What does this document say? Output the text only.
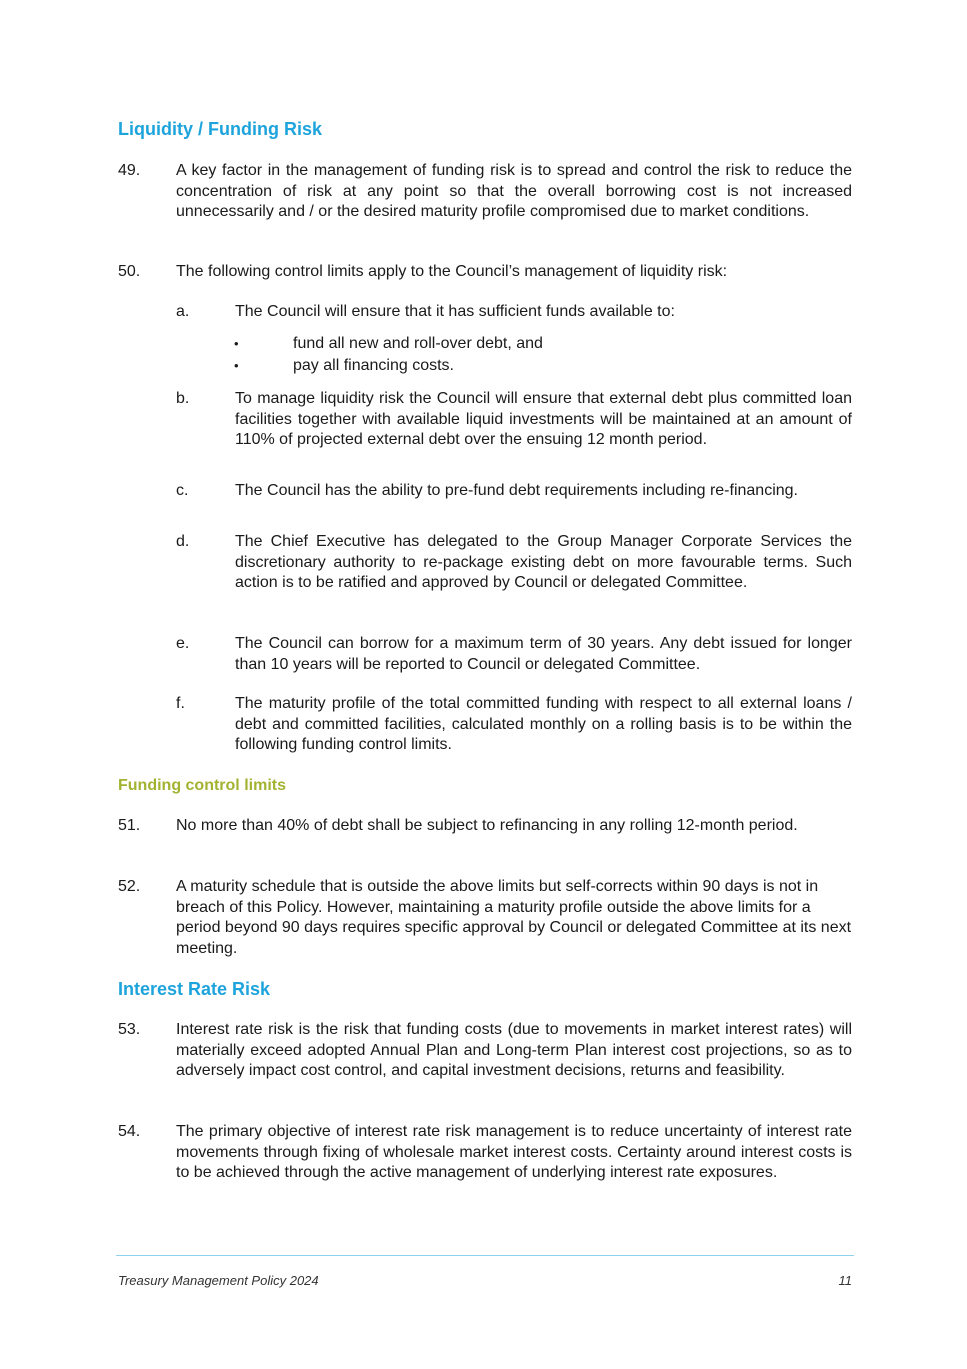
Liquidity / Funding Risk
49.	A key factor in the management of funding risk is to spread and control the risk to reduce the concentration of risk at any point so that the overall borrowing cost is not increased unnecessarily and / or the desired maturity profile compromised due to market conditions.
50.	The following control limits apply to the Council’s management of liquidity risk:
a.	The Council will ensure that it has sufficient funds available to:
•	fund all new and roll-over debt, and
•	pay all financing costs.
b.	To manage liquidity risk the Council will ensure that external debt plus committed loan facilities together with available liquid investments will be maintained at an amount of 110% of projected external debt over the ensuing 12 month period.
c.	The Council has the ability to pre-fund debt requirements including re-financing.
d.	The Chief Executive has delegated to the Group Manager Corporate Services the discretionary authority to re-package existing debt on more favourable terms. Such action is to be ratified and approved by Council or delegated Committee.
e.	The Council can borrow for a maximum term of 30 years. Any debt issued for longer than 10 years will be reported to Council or delegated Committee.
f.	The maturity profile of the total committed funding with respect to all external loans / debt and committed facilities, calculated monthly on a rolling basis is to be within the following funding control limits.
Funding control limits
51.	No more than 40% of debt shall be subject to refinancing in any rolling 12-month period.
52.	A maturity schedule that is outside the above limits but self-corrects within 90 days is not in breach of this Policy. However, maintaining a maturity profile outside the above limits for a period beyond 90 days requires specific approval by Council or delegated Committee at its next meeting.
Interest Rate Risk
53.	Interest rate risk is the risk that funding costs (due to movements in market interest rates) will materially exceed adopted Annual Plan and Long-term Plan interest cost projections, so as to adversely impact cost control, and capital investment decisions, returns and feasibility.
54.	The primary objective of interest rate risk management is to reduce uncertainty of interest rate movements through fixing of wholesale market interest costs. Certainty around interest costs is to be achieved through the active management of underlying interest rate exposures.
Treasury Management Policy 2024	11
